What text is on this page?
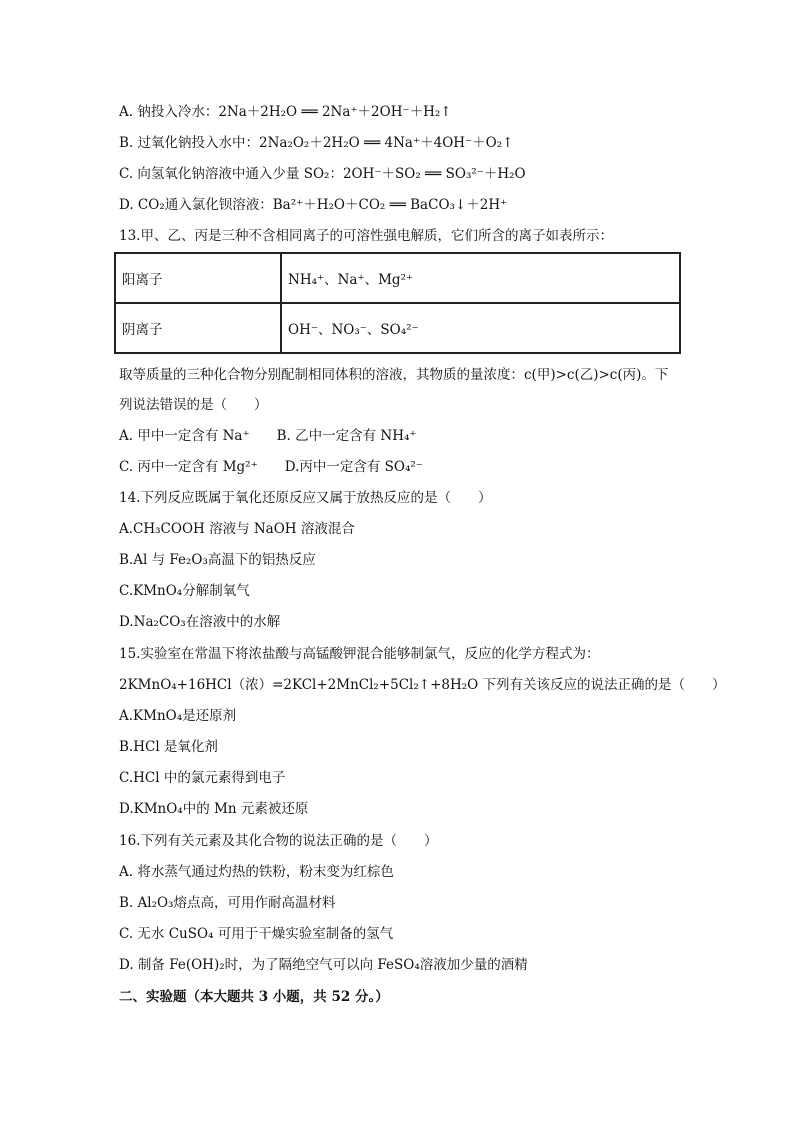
A. 钠投入冷水：2Na＋2H₂O ══ 2Na⁺＋2OH⁻＋H₂↑
B. 过氧化钠投入水中：2Na₂O₂＋2H₂O ══ 4Na⁺＋4OH⁻＋O₂↑
C. 向氢氧化钠溶液中通入少量 SO₂：2OH⁻＋SO₂ ══ SO₃²⁻＋H₂O
D. CO₂通入氯化钡溶液：Ba²⁺＋H₂O＋CO₂ ══ BaCO₃↓＋2H⁺
13.甲、乙、丙是三种不含相同离子的可溶性强电解质，它们所含的离子如表所示：
阳离子	NH₄⁺、Na⁺、Mg²⁺
阴离子	OH⁻、NO₃⁻、SO₄²⁻
取等质量的三种化合物分别配制相同体积的溶液，其物质的量浓度：c(甲)>c(乙)>c(丙)。下
列说法错误的是（　　）
A. 甲中一定含有 Na⁺　　B. 乙中一定含有 NH₄⁺
C. 丙中一定含有 Mg²⁺　　D.丙中一定含有 SO₄²⁻
14.下列反应既属于氧化还原反应又属于放热反应的是（　　）
A.CH₃COOH 溶液与 NaOH 溶液混合
B.Al 与 Fe₂O₃高温下的铝热反应
C.KMnO₄分解制氧气
D.Na₂CO₃在溶液中的水解
15.实验室在常温下将浓盐酸与高锰酸钾混合能够制氯气，反应的化学方程式为：
2KMnO₄+16HCl（浓）=2KCl+2MnCl₂+5Cl₂↑+8H₂O 下列有关该反应的说法正确的是（　　）
A.KMnO₄是还原剂
B.HCl 是氧化剂
C.HCl 中的氯元素得到电子
D.KMnO₄中的 Mn 元素被还原
16.下列有关元素及其化合物的说法正确的是（　　）
A. 将水蒸气通过灼热的铁粉，粉末变为红棕色
B. Al₂O₃熔点高，可用作耐高温材料
C. 无水 CuSO₄ 可用于干燥实验室制备的氢气
D. 制备 Fe(OH)₂时，为了隔绝空气可以向 FeSO₄溶液加少量的酒精
二、实验题（本大题共 3 小题，共 52 分。）
